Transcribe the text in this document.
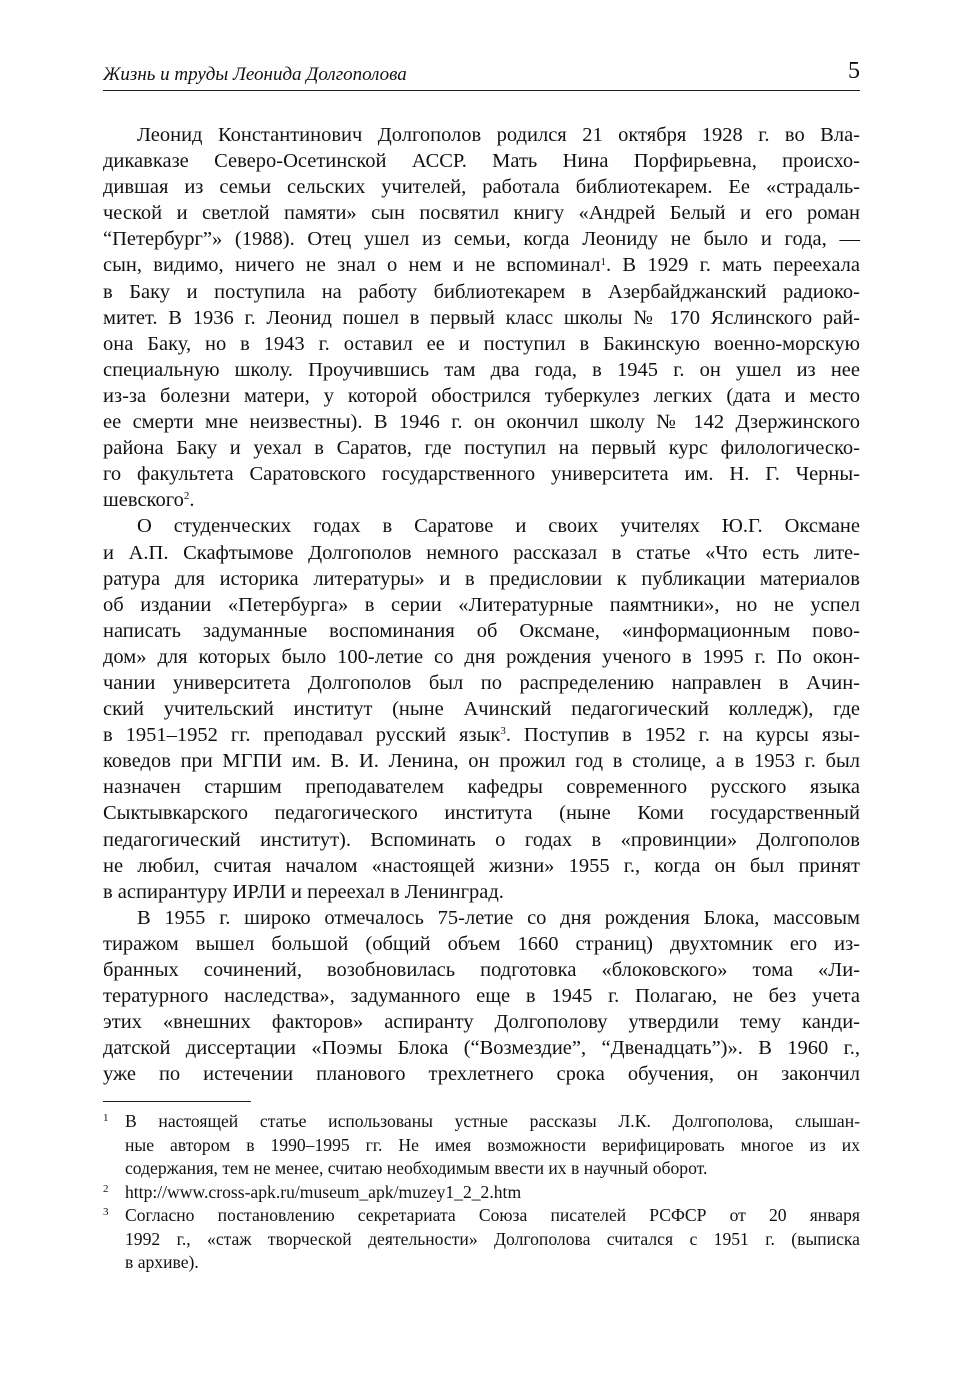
Жизнь и труды Леонида Долгополова	5
Леонид Константинович Долгополов родился 21 октября 1928 г. во Вла-
дикавказе Северо-Осетинской АССР. Мать Нина Порфирьевна, происхо-
дившая из семьи сельских учителей, работала библиотекарем. Ее «страдаль-
ческой и светлой памяти» сын посвятил книгу «Андрей Белый и его роман
“Петербург”» (1988). Отец ушел из семьи, когда Леониду не было и года, —
сын, видимо, ничего не знал о нем и не вспоминал$^1$. В 1929 г. мать переехала
в Баку и поступила на работу библиотекарем в Азербайджанский радиоко-
митет. В 1936 г. Леонид пошел в первый класс школы № 170 Яслинского рай-
она Баку, но в 1943 г. оставил ее и поступил в Бакинскую военно-морскую
специальную школу. Проучившись там два года, в 1945 г. он ушел из нее
из-за болезни матери, у которой обострился туберкулез легких (дата и место
ее смерти мне неизвестны). В 1946 г. он окончил школу № 142 Дзержинского
района Баку и уехал в Саратов, где поступил на первый курс филологическо-
го факультета Саратовского государственного университета им. Н. Г. Черны-
шевского$^2$.
О студенческих годах в Саратове и своих учителях Ю.Г. Оксмане
и А.П. Скафтымове Долгополов немного рассказал в статье «Что есть лите-
ратура для историка литературы» и в предисловии к публикации материалов
об издании «Петербурга» в серии «Литературные паямтники», но не успел
написать задуманные воспоминания об Оксмане, «информационным пово-
дом» для которых было 100-летие со дня рождения ученого в 1995 г. По окон-
чании университета Долгополов был по распределению направлен в Ачин-
ский учительский институт (ныне Ачинский педагогический колледж), где
в 1951–1952 гг. преподавал русский язык$^3$. Поступив в 1952 г. на курсы язы-
коведов при МГПИ им. В. И. Ленина, он прожил год в столице, а в 1953 г. был
назначен старшим преподавателем кафедры современного русского языка
Сыктывкарского педагогического института (ныне Коми государственный
педагогический институт). Вспоминать о годах в «провинции» Долгополов
не любил, считая началом «настоящей жизни» 1955 г., когда он был принят
в аспирантуру ИРЛИ и переехал в Ленинград.
В 1955 г. широко отмечалось 75-летие со дня рождения Блока, массовым
тиражом вышел большой (общий объем 1660 страниц) двухтомник его из-
бранных сочинений, возобновилась подготовка «блоковского» тома «Ли-
тературного наследства», задуманного еще в 1945 г. Полагаю, не без учета
этих «внешних факторов» аспиранту Долгополову утвердили тему канди-
датской диссертации «Поэмы Блока (“Возмездие”, “Двенадцать”)». В 1960 г.,
уже по истечении планового трехлетнего срока обучения, он закончил
1 В настоящей статье использованы устные рассказы Л.К. Долгополова, слышан-
ные автором в 1990–1995 гг. Не имея возможности верифицировать многое из их
содержания, тем не менее, считаю необходимым ввести их в научный оборот.
2 http://www.cross-apk.ru/museum_apk/muzey1_2_2.htm
3 Согласно постановлению секретариата Союза писателей РСФСР от 20 января
1992 г., «стаж творческой деятельности» Долгополова считался с 1951 г. (выписка
в архиве).
